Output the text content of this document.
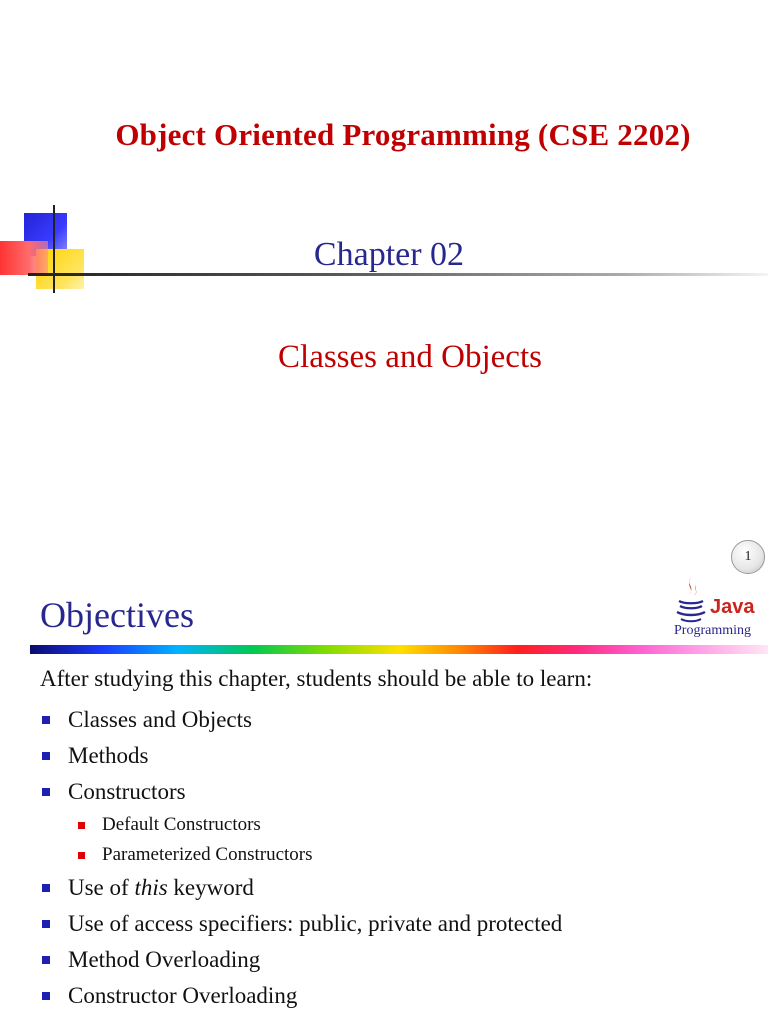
Object Oriented Programming (CSE 2202)
Chapter 02
Classes and Objects
1
Objectives	Java
Programming
After studying this chapter, students should be able to learn:
Classes and Objects
Methods
Constructors
Default Constructors
Parameterized Constructors
Use of this keyword
Use of access specifiers: public, private and protected
Method Overloading
Constructor Overloading
